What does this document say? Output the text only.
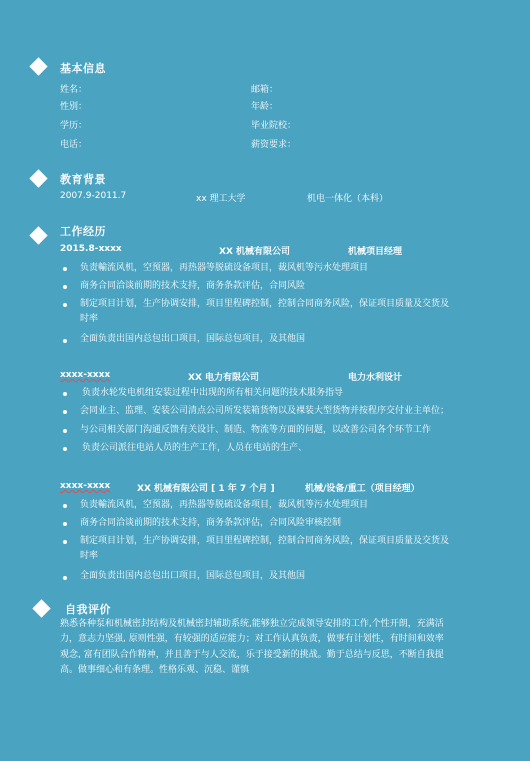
基本信息
姓名：	邮箱：
性别：	年龄：
学历：	毕业院校：
电话：	薪资要求：
教育背景
2007.9-2011.7	xx 理工大学	机电一体化（本科）
工作经历
2015.8-xxxx	XX 机械有限公司	机械项目经理
负责輸流风机，空预器，再热器等脱硫设备项目，裁风机等污水处理项目
商务合同洽谈前期的技术支持，商务条款评估，合同风险
制定项目计划，生产协调安排，项目里程碑控制，控制合同商务风险，保证项目质量及交货及
时率
全面负责出国内总包出口项目，国际总包项目，及其他国
xxxx-xxxx	XX 电力有限公司	电力水利设计
负责水轮发电机组安装过程中出现的所有相关问题的技术服务指导
会同业主、监理、安装公司清点公司所发装箱货物以及裸装大型货物并按程序交付业主单位；
与公司相关部门沟通反馈有关设计、制造、物流等方面的问题，以改善公司各个环节工作
负责公司派往电站人员的生产工作，人员在电站的生产、
xxxx-xxxx	XX 机械有限公司 [ 1 年 7 个月 ]	机械/设备/重工（项目经理）
负责輸流风机，空预器，再热器等脱硫设备项目，裁风机等污水处理项目
商务合同洽谈前期的技术支持，商务条款评估，合同风险审核控制
制定项目计划，生产协调安排，项目里程碑控制，控制合同商务风险，保证项目质量及交货及
时率
全面负责出国内总包出口项目，国际总包项目，及其他国
自我评价
熟悉各种泵和机械密封结构及机械密封辅助系统,能够独立完成领导安排的工作,个性开朗，充满活
力，意志力坚强, 原则性强，有较强的适应能力；对工作认真负责，做事有计划性，有时间和效率
观念, 富有团队合作精神，并且善于与人交流，乐于接受新的挑战。勤于总结与反思，不断自我提
高。做事细心和有条理。性格乐观、沉稳、谨慎
